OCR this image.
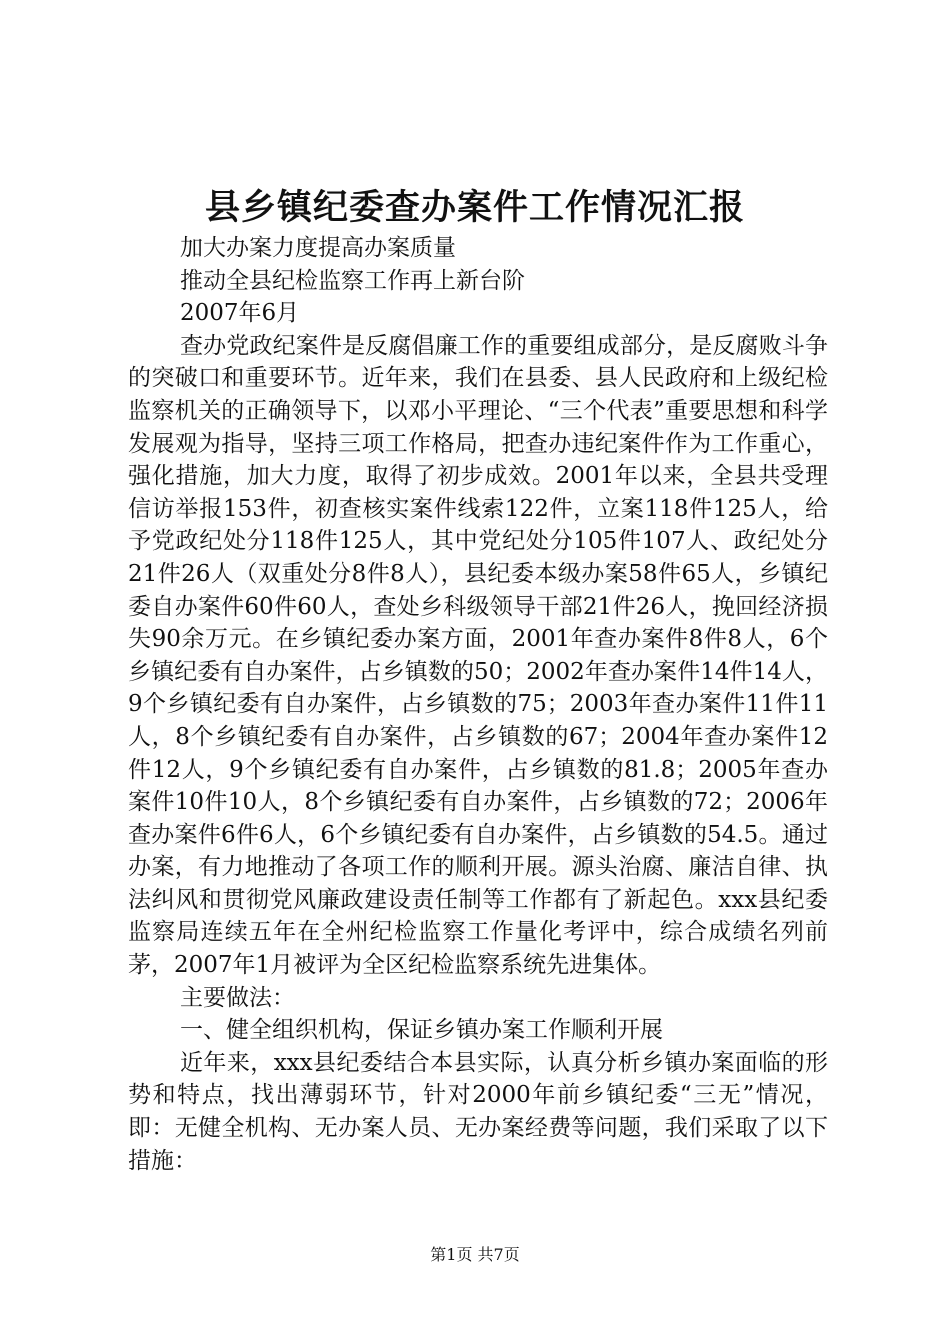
县乡镇纪委查办案件工作情况汇报

加大办案力度提高办案质量

推动全县纪检监察工作再上新台阶

2007年6月

查办党政纪案件是反腐倡廉工作的重要组成部分，是反腐败斗争的突破口和重要环节。近年来，我们在县委、县人民政府和上级纪检监察机关的正确领导下，以邓小平理论、“三个代表”重要思想和科学发展观为指导，坚持三项工作格局，把查办违纪案件作为工作重心，强化措施，加大力度，取得了初步成效。2001年以来，全县共受理信访举报153件，初查核实案件线索122件，立案118件125人，给予党政纪处分118件125人，其中党纪处分105件107人、政纪处分21件26人（双重处分8件8人），县纪委本级办案58件65人，乡镇纪委自办案件60件60人，查处乡科级领导干部21件26人，挽回经济损失90余万元。在乡镇纪委办案方面，2001年查办案件8件8人，6个乡镇纪委有自办案件，占乡镇数的50；2002年查办案件14件14人，9个乡镇纪委有自办案件，占乡镇数的75；2003年查办案件11件11人，8个乡镇纪委有自办案件，占乡镇数的67；2004年查办案件12件12人，9个乡镇纪委有自办案件，占乡镇数的81.8；2005年查办案件10件10人，8个乡镇纪委有自办案件，占乡镇数的72；2006年查办案件6件6人，6个乡镇纪委有自办案件，占乡镇数的54.5。通过办案，有力地推动了各项工作的顺利开展。源头治腐、廉洁自律、执法纠风和贯彻党风廉政建设责任制等工作都有了新起色。xxx县纪委监察局连续五年在全州纪检监察工作量化考评中，综合成绩名列前茅，2007年1月被评为全区纪检监察系统先进集体。

主要做法：

一、健全组织机构，保证乡镇办案工作顺利开展

近年来，xxx县纪委结合本县实际，认真分析乡镇办案面临的形势和特点，找出薄弱环节，针对2000年前乡镇纪委“三无”情况，即：无健全机构、无办案人员、无办案经费等问题，我们采取了以下措施：

第1页 共7页
